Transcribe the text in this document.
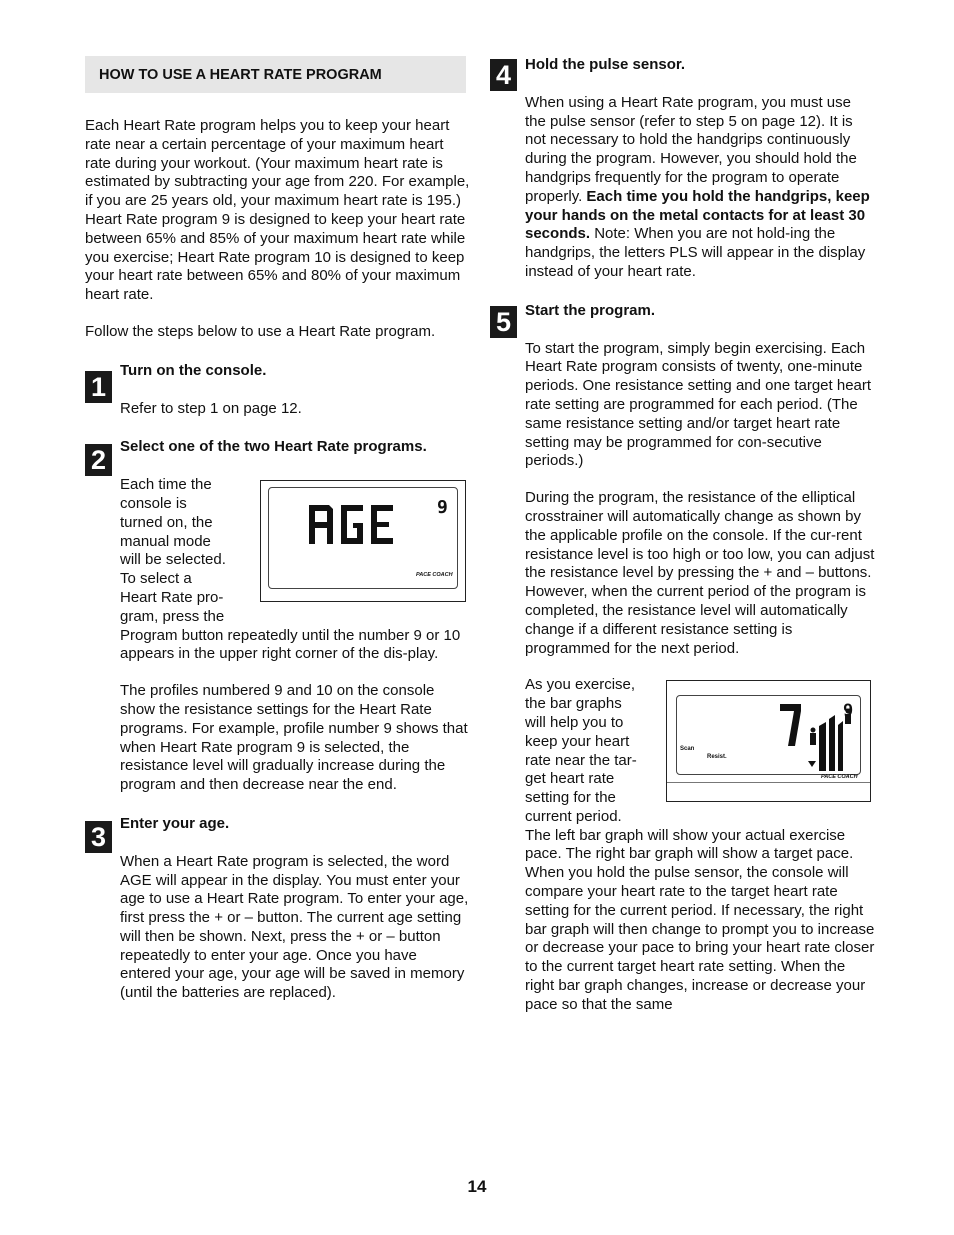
HOW TO USE A HEART RATE PROGRAM

Each Heart Rate program helps you to keep your heart rate near a certain percentage of your maximum heart rate during your workout. (Your maximum heart rate is estimated by subtracting your age from 220. For example, if you are 25 years old, your maximum heart rate is 195.) Heart Rate program 9 is designed to keep your heart rate between 65% and 85% of your maximum heart rate while you exercise; Heart Rate program 10 is designed to keep your heart rate between 65% and 80% of your maximum heart rate.

Follow the steps below to use a Heart Rate program.

1

Turn on the console.

Refer to step 1 on page 12.

2 Select one of the two Heart Rate programs.

Each time the
console is
turned on, the
manual mode
will be selected.
To select a
Heart Rate pro-
gram, press the

Program button repeatedly until the number 9 or 10 appears in the upper right corner of the dis-play.

The profiles numbered 9 and 10 on the console show the resistance settings for the Heart Rate programs. For example, profile number 9 shows that when Heart Rate program 9 is selected, the resistance level will gradually increase during the program and then decrease near the end.

3 Enter your age.

When a Heart Rate program is selected, the word AGE will appear in the display. You must enter your age to use a Heart Rate program. To enter your age, first press the + or – button. The current age setting will then be shown. Next, press the + or – button repeatedly to enter your age. Once you have entered your age, your age will be saved in memory (until the batteries are replaced).

9
PACE COACH
4 Hold the pulse sensor.

When using a Heart Rate program, you must use the pulse sensor (refer to step 5 on page 12). It is not necessary to hold the handgrips continuously during the program. However, you should hold the handgrips frequently for the program to operate properly. Each time you hold the handgrips, keep your hands on the metal contacts for at least 30 seconds. Note: When you are not hold-ing the handgrips, the letters PLS will appear in the display instead of your heart rate.

5 Start the program.

To start the program, simply begin exercising. Each Heart Rate program consists of twenty, one-minute periods. One resistance setting and one target heart rate setting are programmed for each period. (The same resistance setting and/or target heart rate setting may be programmed for con-secutive periods.)

During the program, the resistance of the elliptical crosstrainer will automatically change as shown by the applicable profile on the console. If the cur-rent resistance level is too high or too low, you can adjust the resistance level by pressing the + and – buttons. However, when the current period of the program is completed, the resistance level will automatically change if a different resistance setting is programmed for the next period.

As you exercise,
the bar graphs
will help you to
keep your heart
rate near the tar-
get heart rate
setting for the
current period.

The left bar graph will show your actual exercise pace. The right bar graph will show a target pace. When you hold the pulse sensor, the console will compare your heart rate to the target heart rate setting for the current period. If necessary, the right bar graph will then change to prompt you to increase or decrease your pace to bring your heart rate closer to the current target heart rate setting. When the right bar graph changes, increase or decrease your pace so that the same

9
Scan
Resist.
PACE COACH
14
